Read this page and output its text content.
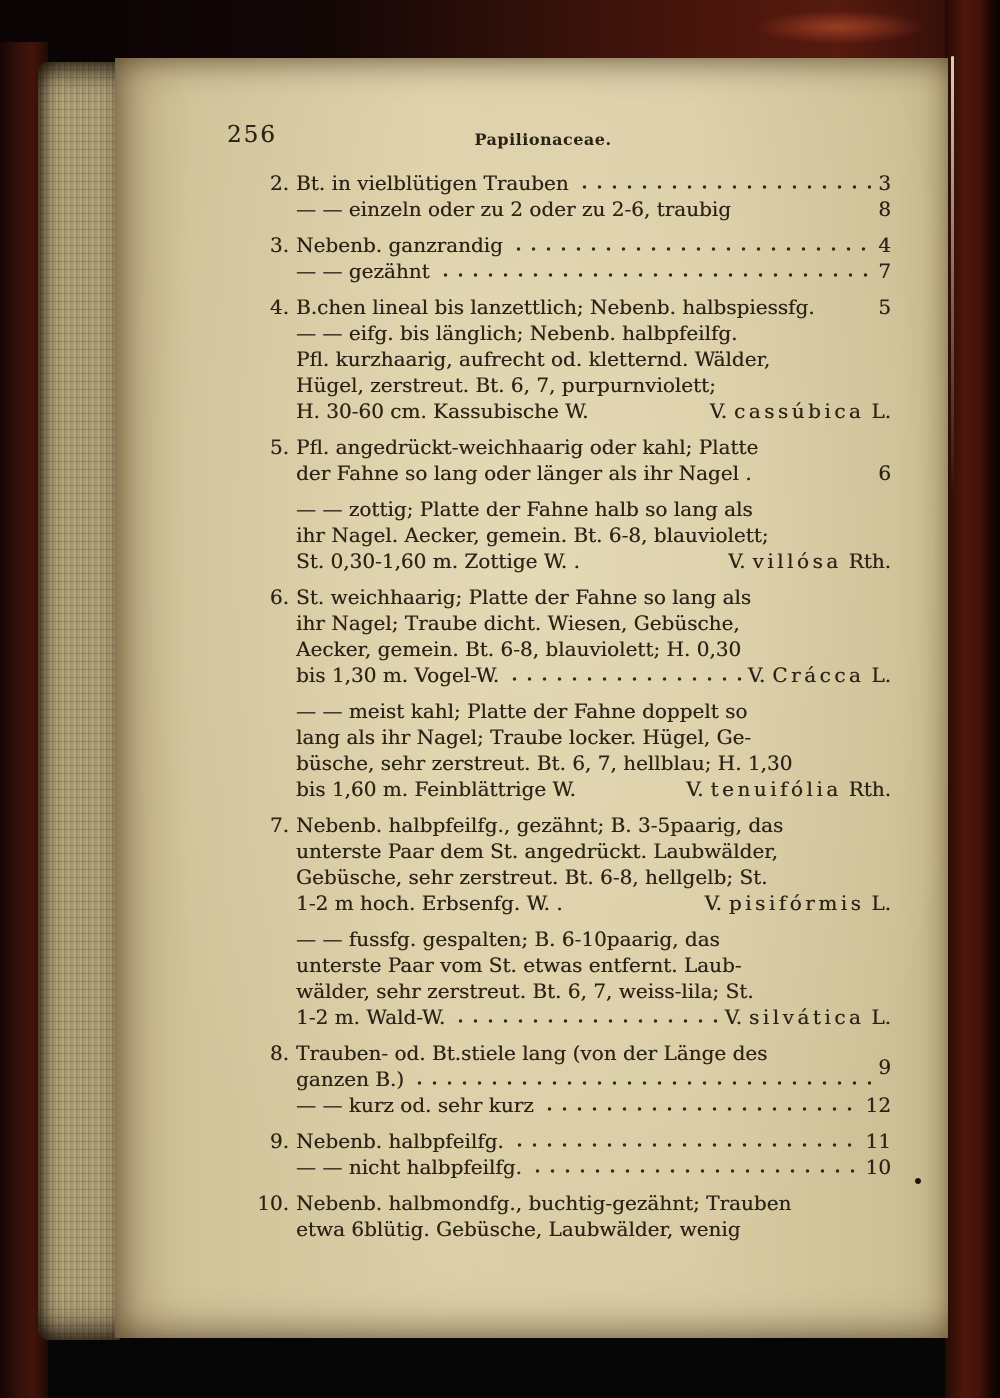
256	Papilionaceae.
2. Bt. in vielblütigen Trauben	3
— — einzeln oder zu 2 oder zu 2-6, traubig	8
3. Nebenb. ganzrandig	4
— — gezähnt	7
4. B.chen lineal bis lanzettlich; Nebenb. halbspiessfg.	5
— — eifg. bis länglich; Nebenb. halbpfeilfg.
Pfl. kurzhaarig, aufrecht od. kletternd. Wälder,
Hügel, zerstreut. Bt. 6, 7, purpurnviolett;
H. 30-60 cm. Kassubische W.	V. cassúbica L.
5. Pfl. angedrückt-weichhaarig oder kahl; Platte
der Fahne so lang oder länger als ihr Nagel .	6
— — zottig; Platte der Fahne halb so lang als
ihr Nagel. Aecker, gemein. Bt. 6-8, blauviolett;
St. 0,30-1,60 m. Zottige W. .	V. villósa Rth.
6. St. weichhaarig; Platte der Fahne so lang als
ihr Nagel; Traube dicht. Wiesen, Gebüsche,
Aecker, gemein. Bt. 6-8, blauviolett; H. 0,30
bis 1,30 m. Vogel-W.	V. Crácca L.
— — meist kahl; Platte der Fahne doppelt so
lang als ihr Nagel; Traube locker. Hügel, Ge-
büsche, sehr zerstreut. Bt. 6, 7, hellblau; H. 1,30
bis 1,60 m. Feinblättrige W.	V. tenuifólia Rth.
7. Nebenb. halbpfeilfg., gezähnt; B. 3-5paarig, das
unterste Paar dem St. angedrückt. Laubwälder,
Gebüsche, sehr zerstreut. Bt. 6-8, hellgelb; St.
1-2 m hoch. Erbsenfg. W. .	V. pisifórmis L.
— — fussfg. gespalten; B. 6-10paarig, das
unterste Paar vom St. etwas entfernt. Laub-
wälder, sehr zerstreut. Bt. 6, 7, weiss-lila; St.
1-2 m. Wald-W.	V. silvática L.
8. Trauben- od. Bt.stiele lang (von der Länge des
ganzen B.)	9
— — kurz od. sehr kurz	12
9. Nebenb. halbpfeilfg.	11
— — nicht halbpfeilfg.	10
10. Nebenb. halbmondfg., buchtig-gezähnt; Trauben
etwa 6blütig. Gebüsche, Laubwälder, wenig
